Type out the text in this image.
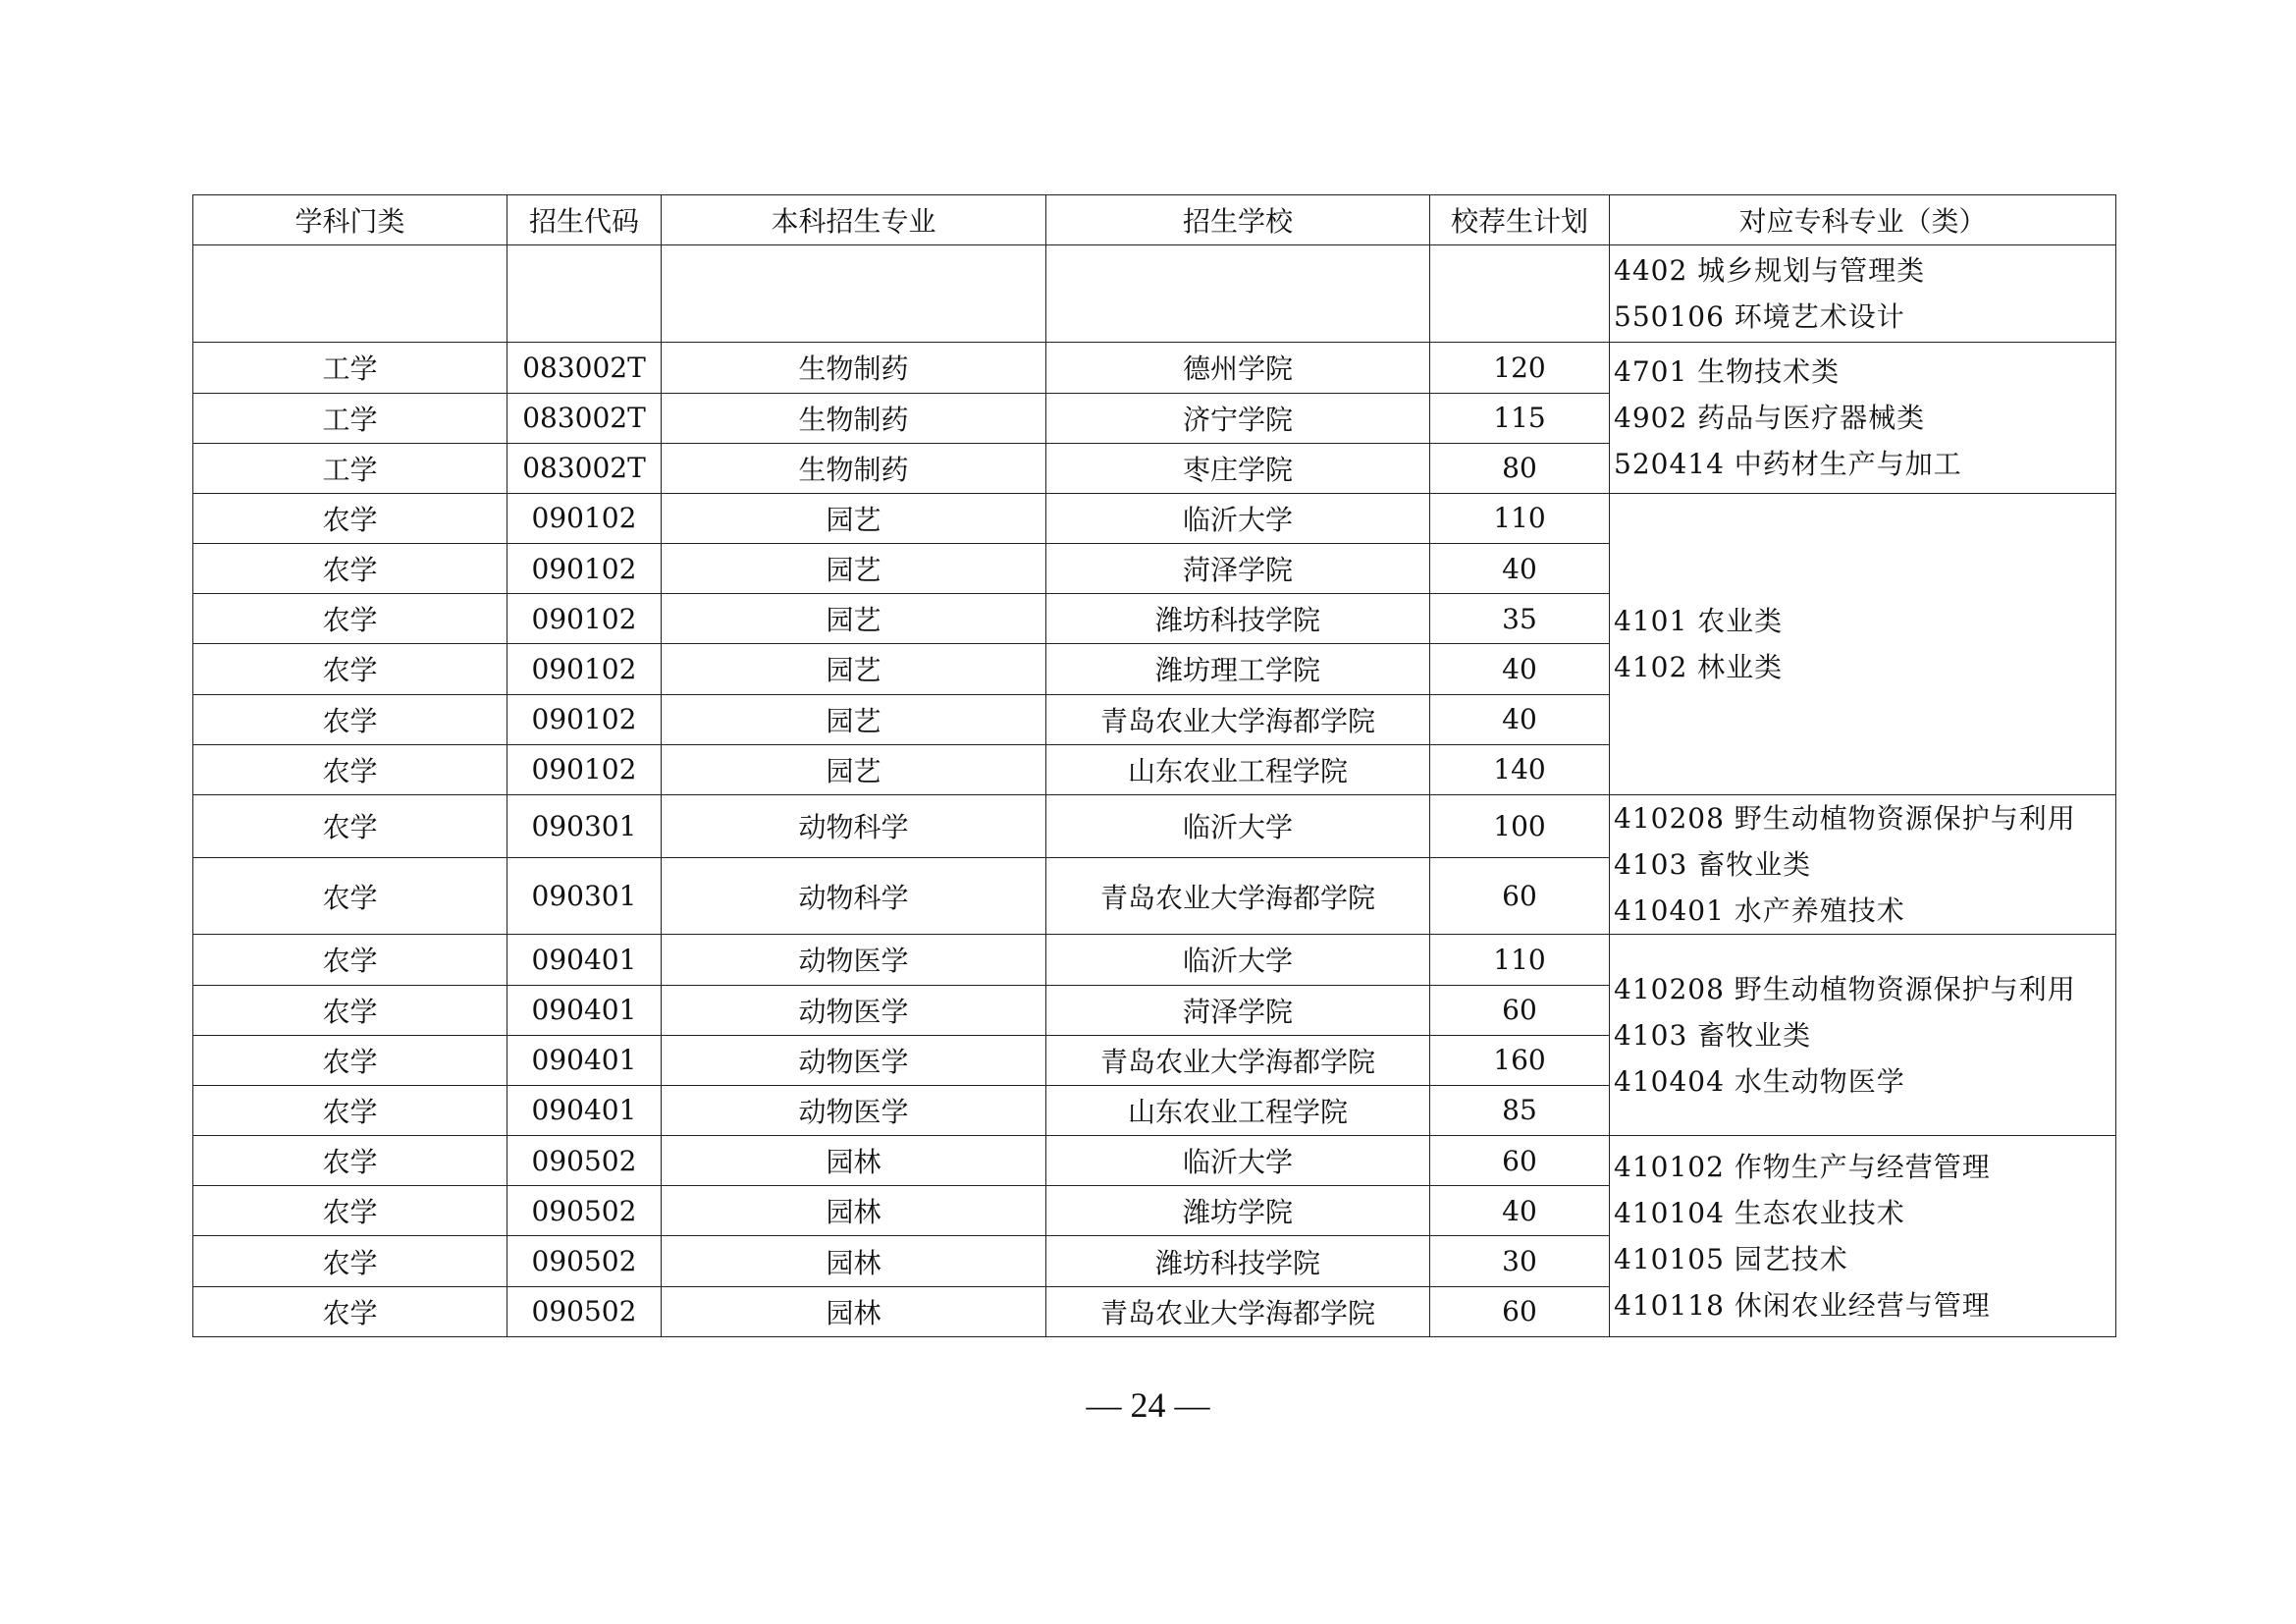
学科门类	招生代码	本科招生专业	招生学校	校荐生计划	对应专科专业（类）

					4402 城乡规划与管理类
550106 环境艺术设计

工学	083002T	生物制药	德州学院	120	4701 生物技术类
4902 药品与医疗器械类
520414 中药材生产与加工

工学	083002T	生物制药	济宁学院	115	
工学	083002T	生物制药	枣庄学院	80	
农学	090102	园艺	临沂大学	110	4101 农业类
4102 林业类

农学	090102	园艺	菏泽学院	40	
农学	090102	园艺	潍坊科技学院	35	
农学	090102	园艺	潍坊理工学院	40	
农学	090102	园艺	青岛农业大学海都学院	40	
农学	090102	园艺	山东农业工程学院	140	
农学	090301	动物科学	临沂大学	100	410208 野生动植物资源保护与利用
4103 畜牧业类
410401 水产养殖技术

农学	090301	动物科学	青岛农业大学海都学院	60	
农学	090401	动物医学	临沂大学	110	410208 野生动植物资源保护与利用
4103 畜牧业类
410404 水生动物医学

农学	090401	动物医学	菏泽学院	60	
农学	090401	动物医学	青岛农业大学海都学院	160	
农学	090401	动物医学	山东农业工程学院	85	
农学	090502	园林	临沂大学	60	410102 作物生产与经营管理
410104 生态农业技术
410105 园艺技术
410118 休闲农业经营与管理

农学	090502	园林	潍坊学院	40	
农学	090502	园林	潍坊科技学院	30	
农学	090502	园林	青岛农业大学海都学院	60	
— 24 —
